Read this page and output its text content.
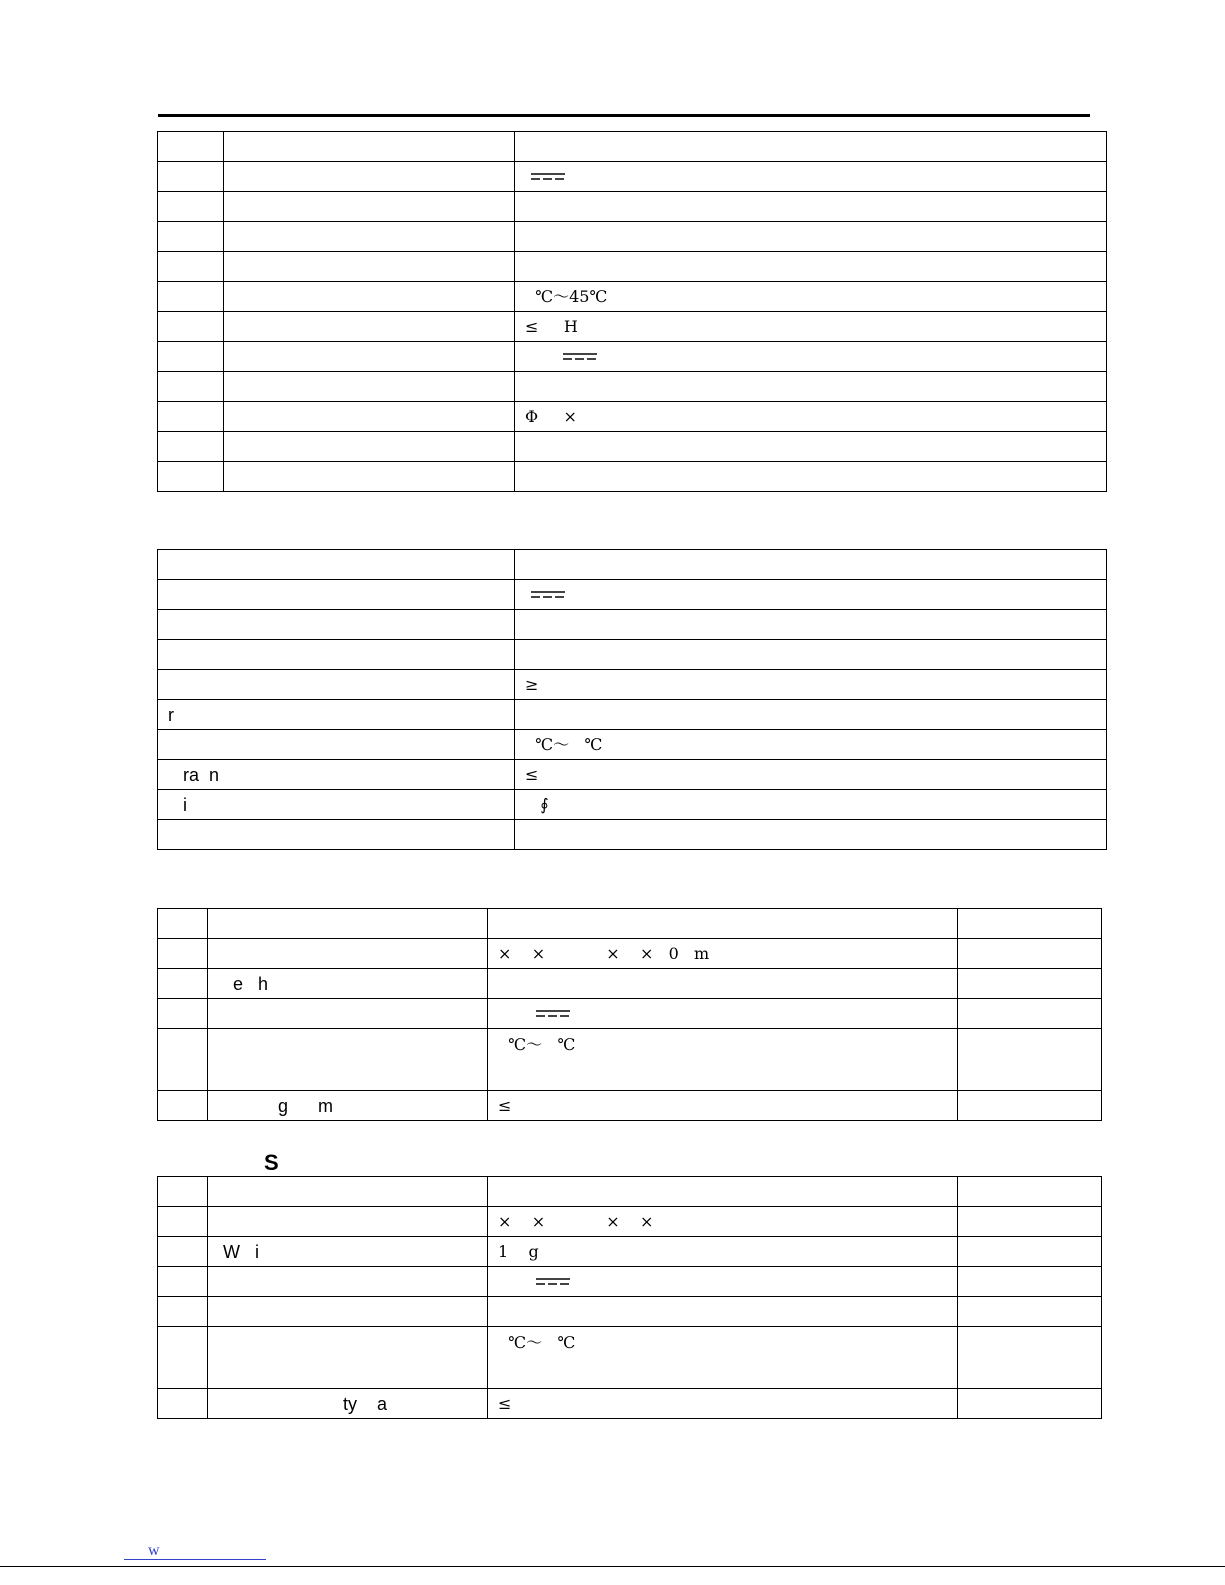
		℃～45℃
		≤     H

		Φ     ×

	≥
r	
	℃～   ℃
ra  n	≤
i	∮

		×    ×            ×    ×   0   m	
	e   h		

		℃～   ℃	
	g      m	≤	
S

		×    ×            ×    ×	
	W   i	1    g	

		℃～   ℃	
	ty    a	≤	
w
